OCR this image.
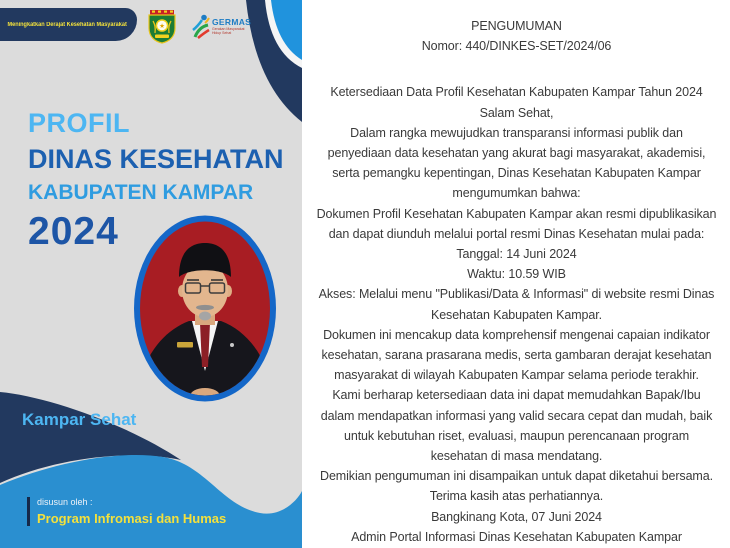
Meningkatkan Derajat Kesehatan Masyarakat	★	GERMAS
Gerakan Masyarakat
Hidup Sehat
PROFIL
DINAS KESEHATAN
KABUPATEN KAMPAR
2024
Kampar Sehat
disusun oleh :
Program Infromasi dan Humas
PENGUMUMAN
Nomor: 440/DINKES-SET/2024/06
Ketersediaan Data Profil Kesehatan Kabupaten Kampar Tahun 2024
Salam Sehat,
Dalam rangka mewujudkan transparansi informasi publik dan
penyediaan data kesehatan yang akurat bagi masyarakat, akademisi,
serta pemangku kepentingan, Dinas Kesehatan Kabupaten Kampar
mengumumkan bahwa:
Dokumen Profil Kesehatan Kabupaten Kampar akan resmi dipublikasikan
dan dapat diunduh melalui portal resmi Dinas Kesehatan mulai pada:
Tanggal: 14 Juni 2024
Waktu: 10.59 WIB
Akses: Melalui menu "Publikasi/Data & Informasi" di website resmi Dinas
Kesehatan Kabupaten Kampar.
Dokumen ini mencakup data komprehensif mengenai capaian indikator
kesehatan, sarana prasarana medis, serta gambaran derajat kesehatan
masyarakat di wilayah Kabupaten Kampar selama periode terakhir.
Kami berharap ketersediaan data ini dapat memudahkan Bapak/Ibu
dalam mendapatkan informasi yang valid secara cepat dan mudah, baik
untuk kebutuhan riset, evaluasi, maupun perencanaan program
kesehatan di masa mendatang.
Demikian pengumuman ini disampaikan untuk dapat diketahui bersama.
Terima kasih atas perhatiannya.
Bangkinang Kota, 07 Juni 2024
Admin Portal Informasi Dinas Kesehatan Kabupaten Kampar
